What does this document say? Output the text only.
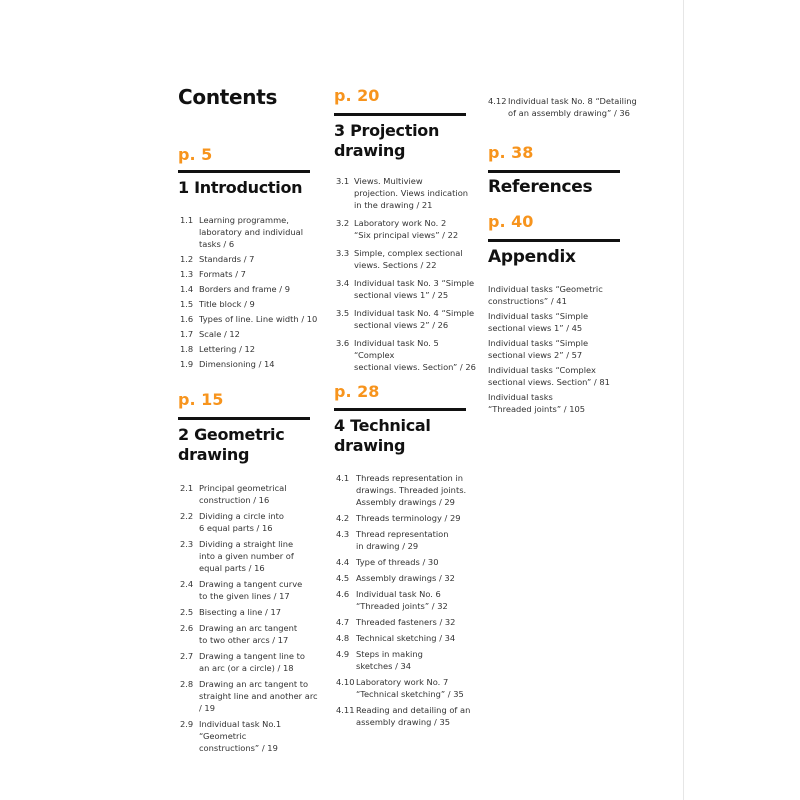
Contents
p. 5
1 Introduction
1.1 Learning programme,
laboratory and individual
tasks / 6
1.2 Standards / 7
1.3 Formats / 7
1.4 Borders and frame / 9
1.5 Title block / 9
1.6 Types of line. Line width / 10
1.7 Scale / 12
1.8 Lettering / 12
1.9 Dimensioning / 14
p. 15
2 Geometric
drawing
2.1 Principal geometrical
construction / 16
2.2 Dividing a circle into
6 equal parts / 16
2.3 Dividing a straight line
into a given number of
equal parts / 16
2.4 Drawing a tangent curve
to the given lines / 17
2.5 Bisecting a line / 17
2.6 Drawing an arc tangent
to two other arcs / 17
2.7 Drawing a tangent line to
an arc (or a circle) / 18
2.8 Drawing an arc tangent to
straight line and another arc / 19
2.9 Individual task No.1 “Geometric
constructions” / 19
p. 20
3 Projection
drawing
3.1 Views. Multiview
projection. Views indication
in the drawing / 21
3.2 Laboratory work No. 2
“Six principal views” / 22
3.3 Simple, complex sectional
views. Sections / 22
3.4 Individual task No. 3 “Simple
sectional views 1” / 25
3.5 Individual task No. 4 “Simple
sectional views 2” / 26
3.6 Individual task No. 5 “Complex
sectional views. Section” / 26
p. 28
4 Technical
drawing
4.1 Threads representation in
drawings. Threaded joints.
Assembly drawings / 29
4.2 Threads terminology / 29
4.3 Thread representation
in drawing / 29
4.4 Type of threads / 30
4.5 Assembly drawings / 32
4.6 Individual task No. 6
“Threaded joints” / 32
4.7 Threaded fasteners / 32
4.8 Technical sketching / 34
4.9 Steps in making
sketches / 34
4.10 Laboratory work No. 7
“Technical sketching” / 35
4.11 Reading and detailing of an
assembly drawing / 35
4.12 Individual task No. 8 “Detailing
of an assembly drawing” / 36
p. 38
References
p. 40
Appendix
Individual tasks “Geometric
constructions” / 41
Individual tasks “Simple
sectional views 1” / 45
Individual tasks “Simple
sectional views 2” / 57
Individual tasks “Complex
sectional views. Section” / 81
Individual tasks
“Threaded joints” / 105
